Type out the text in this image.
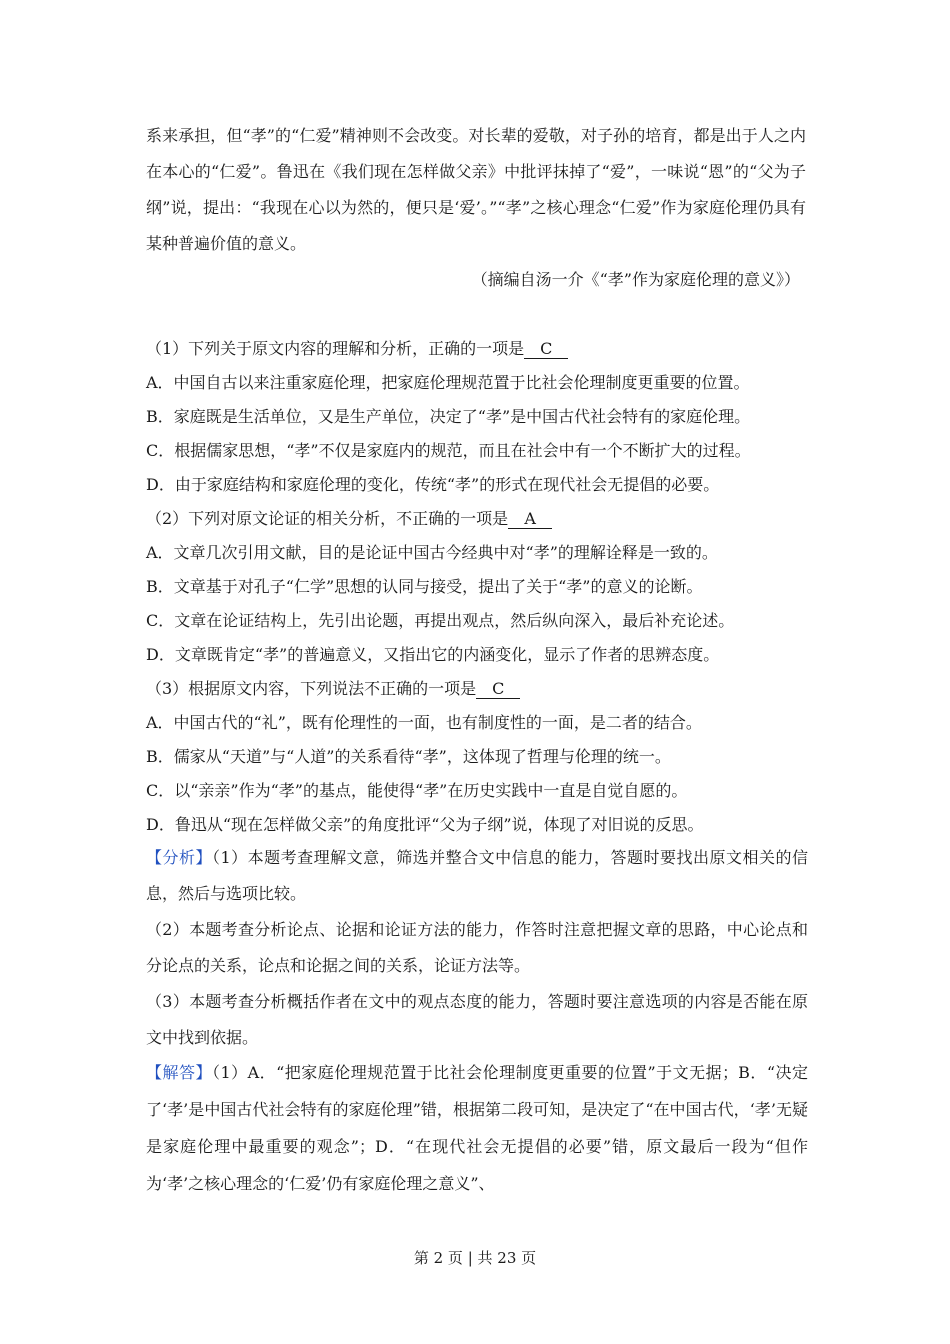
系来承担，但“孝”的“仁爱”精神则不会改变。对长辈的爱敬，对子孙的培育，都是出于人之内在本心的“仁爱”。鲁迅在《我们现在怎样做父亲》中批评抹掉了“爱”，一味说“恩”的“父为子纲”说，提出：“我现在心以为然的，便只是‘爱’。”“孝”之核心理念“仁爱”作为家庭伦理仍具有某种普遍价值的意义。
（摘编自汤一介《“孝”作为家庭伦理的意义》）
（1）下列关于原文内容的理解和分析，正确的一项是 C
A．中国自古以来注重家庭伦理，把家庭伦理规范置于比社会伦理制度更重要的位置。
B．家庭既是生活单位，又是生产单位，决定了“孝”是中国古代社会特有的家庭伦理。
C．根据儒家思想，“孝”不仅是家庭内的规范，而且在社会中有一个不断扩大的过程。
D．由于家庭结构和家庭伦理的变化，传统“孝”的形式在现代社会无提倡的必要。
（2）下列对原文论证的相关分析，不正确的一项是 A
A．文章几次引用文献，目的是论证中国古今经典中对“孝”的理解诠释是一致的。
B．文章基于对孔子“仁学”思想的认同与接受，提出了关于“孝”的意义的论断。
C．文章在论证结构上，先引出论题，再提出观点，然后纵向深入，最后补充论述。
D．文章既肯定“孝”的普遍意义，又指出它的内涵变化，显示了作者的思辨态度。
（3）根据原文内容，下列说法不正确的一项是 C
A．中国古代的“礼”，既有伦理性的一面，也有制度性的一面，是二者的结合。
B．儒家从“天道”与“人道”的关系看待“孝”，这体现了哲理与伦理的统一。
C．以“亲亲”作为“孝”的基点，能使得“孝”在历史实践中一直是自觉自愿的。
D．鲁迅从“现在怎样做父亲”的角度批评“父为子纲”说，体现了对旧说的反思。
【分析】（1）本题考查理解文意，筛选并整合文中信息的能力，答题时要找出原文相关的信息，然后与选项比较。
（2）本题考查分析论点、论据和论证方法的能力，作答时注意把握文章的思路，中心论点和分论点的关系，论点和论据之间的关系，论证方法等。
（3）本题考查分析概括作者在文中的观点态度的能力，答题时要注意选项的内容是否能在原文中找到依据。
【解答】（1）A．“把家庭伦理规范置于比社会伦理制度更重要的位置”于文无据；B．“决定了‘孝’是中国古代社会特有的家庭伦理”错，根据第二段可知，是决定了“在中国古代，‘孝’无疑是家庭伦理中最重要的观念”；D．“在现代社会无提倡的必要”错，原文最后一段为“但作为‘孝’之核心理念的‘仁爱’仍有家庭伦理之意义”、
第 2 页 | 共 23 页
